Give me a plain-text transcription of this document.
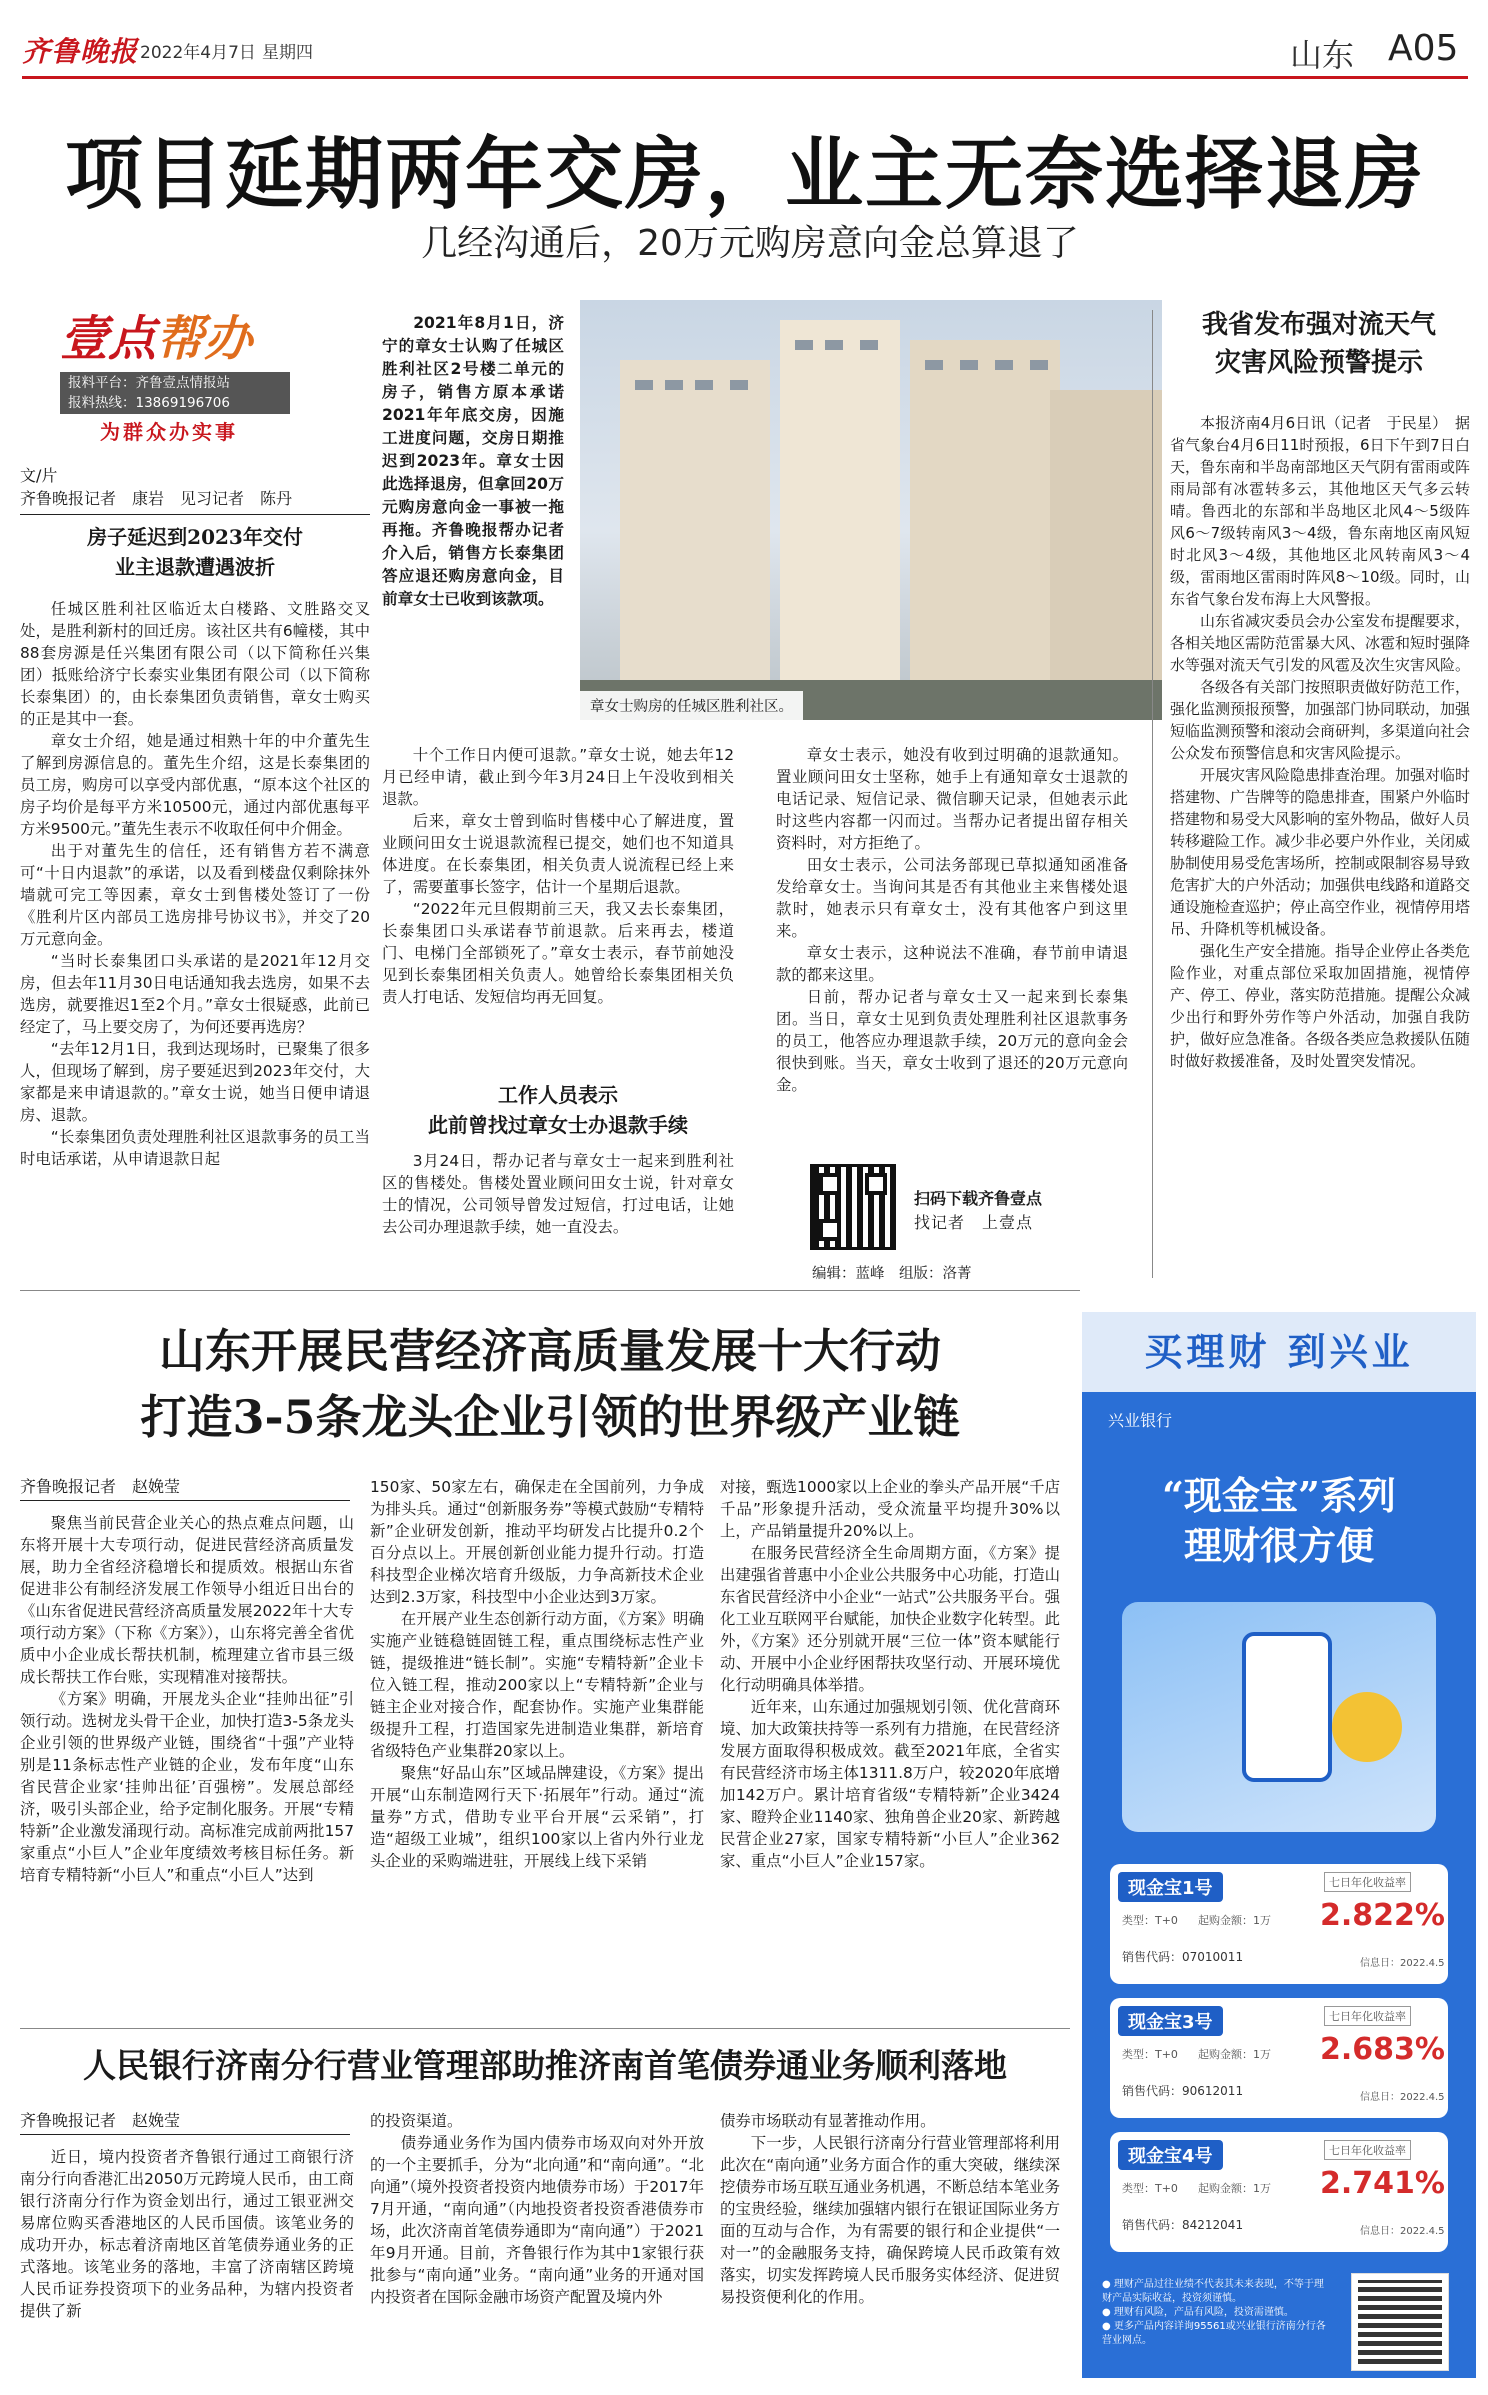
齐鲁晚报 2022年4月7日 星期四	山东 A05
项目延期两年交房，业主无奈选择退房
几经沟通后，20万元购房意向金总算退了
壹点帮办
报料平台：齐鲁壹点情报站
报料热线：13869196706
为群众办实事
文/片
齐鲁晚报记者　康岩　见习记者　陈丹
房子延迟到2023年交付
业主退款遭遇波折

任城区胜利社区临近太白楼路、文胜路交叉处，是胜利新村的回迁房。该社区共有6幢楼，其中88套房源是任兴集团有限公司（以下简称任兴集团）抵账给济宁长泰实业集团有限公司（以下简称长泰集团）的，由长泰集团负责销售，章女士购买的正是其中一套。

章女士介绍，她是通过相熟十年的中介董先生了解到房源信息的。董先生介绍，这是长泰集团的员工房，购房可以享受内部优惠，“原本这个社区的房子均价是每平方米10500元，通过内部优惠每平方米9500元。”董先生表示不收取任何中介佣金。

出于对董先生的信任，还有销售方若不满意可“十日内退款”的承诺，以及看到楼盘仅剩除抹外墙就可完工等因素，章女士到售楼处签订了一份《胜利片区内部员工选房排号协议书》，并交了20万元意向金。

“当时长泰集团口头承诺的是2021年12月交房，但去年11月30日电话通知我去选房，如果不去选房，就要推迟1至2个月。”章女士很疑惑，此前已经定了，马上要交房了，为何还要再选房？

“去年12月1日，我到达现场时，已聚集了很多人，但现场了解到，房子要延迟到2023年交付，大家都是来申请退款的。”章女士说，她当日便申请退房、退款。

“长泰集团负责处理胜利社区退款事务的员工当时电话承诺，从申请退款日起

2021年8月1日，济宁的章女士认购了任城区胜利社区2号楼二单元的房子，销售方原本承诺2021年年底交房，因施工进度问题，交房日期推迟到2023年。章女士因此选择退房，但拿回20万元购房意向金一事被一拖再拖。齐鲁晚报帮办记者介入后，销售方长泰集团答应退还购房意向金，目前章女士已收到该款项。

章女士购房的任城区胜利社区。

十个工作日内便可退款。”章女士说，她去年12月已经申请，截止到今年3月24日上午没收到相关退款。

后来，章女士曾到临时售楼中心了解进度，置业顾问田女士说退款流程已提交，她们也不知道具体进度。在长泰集团，相关负责人说流程已经上来了，需要董事长签字，估计一个星期后退款。

“2022年元旦假期前三天，我又去长泰集团，长泰集团口头承诺春节前退款。后来再去，楼道门、电梯门全部锁死了。”章女士表示，春节前她没见到长泰集团相关负责人。她曾给长泰集团相关负责人打电话、发短信均再无回复。

工作人员表示
此前曾找过章女士办退款手续

3月24日，帮办记者与章女士一起来到胜利社区的售楼处。售楼处置业顾问田女士说，针对章女士的情况，公司领导曾发过短信，打过电话，让她去公司办理退款手续，她一直没去。

章女士表示，她没有收到过明确的退款通知。置业顾问田女士坚称，她手上有通知章女士退款的电话记录、短信记录、微信聊天记录，但她表示此时这些内容都一闪而过。当帮办记者提出留存相关资料时，对方拒绝了。

田女士表示，公司法务部现已草拟通知函准备发给章女士。当询问其是否有其他业主来售楼处退款时，她表示只有章女士，没有其他客户到这里来。

章女士表示，这种说法不准确，春节前申请退款的都来这里。

日前，帮办记者与章女士又一起来到长泰集团。当日，章女士见到负责处理胜利社区退款事务的员工，他答应办理退款手续，20万元的意向金会很快到账。当天，章女士收到了退还的20万元意向金。

扫码下载齐鲁壹点
找记者　上壹点
编辑：蓝峰　组版：洛菁
我省发布强对流天气
灾害风险预警提示

本报济南4月6日讯（记者　于民星）　据省气象台4月6日11时预报，6日下午到7日白天，鲁东南和半岛南部地区天气阴有雷雨或阵雨局部有冰雹转多云，其他地区天气多云转晴。鲁西北的东部和半岛地区北风4～5级阵风6～7级转南风3～4级，鲁东南地区南风短时北风3～4级，其他地区北风转南风3～4级，雷雨地区雷雨时阵风8～10级。同时，山东省气象台发布海上大风警报。

山东省减灾委员会办公室发布提醒要求，各相关地区需防范雷暴大风、冰雹和短时强降水等强对流天气引发的风雹及次生灾害风险。

各级各有关部门按照职责做好防范工作，强化监测预报预警，加强部门协同联动，加强短临监测预警和滚动会商研判，多渠道向社会公众发布预警信息和灾害风险提示。

开展灾害风险隐患排查治理。加强对临时搭建物、广告牌等的隐患排查，围紧户外临时搭建物和易受大风影响的室外物品，做好人员转移避险工作。减少非必要户外作业，关闭威胁制使用易受危害场所，控制或限制容易导致危害扩大的户外活动；加强供电线路和道路交通设施检查巡护；停止高空作业，视情停用塔吊、升降机等机械设备。

强化生产安全措施。指导企业停止各类危险作业，对重点部位采取加固措施，视情停产、停工、停业，落实防范措施。提醒公众减少出行和野外劳作等户外活动，加强自我防护，做好应急准备。各级各类应急救援队伍随时做好救援准备，及时处置突发情况。

山东开展民营经济高质量发展十大行动
打造3-5条龙头企业引领的世界级产业链
齐鲁晚报记者　赵娩莹

聚焦当前民营企业关心的热点难点问题，山东将开展十大专项行动，促进民营经济高质量发展，助力全省经济稳增长和提质效。根据山东省促进非公有制经济发展工作领导小组近日出台的《山东省促进民营经济高质量发展2022年十大专项行动方案》（下称《方案》），山东将完善全省优质中小企业成长帮扶机制，梳理建立省市县三级成长帮扶工作台账，实现精准对接帮扶。

《方案》明确，开展龙头企业“挂帅出征”引领行动。选树龙头骨干企业，加快打造3-5条龙头企业引领的世界级产业链，围绕省“十强”产业特别是11条标志性产业链的企业，发布年度“山东省民营企业家‘挂帅出征’百强榜”。发展总部经济，吸引头部企业，给予定制化服务。开展“专精特新”企业激发涌现行动。高标准完成前两批157家重点“小巨人”企业年度绩效考核目标任务。新培育专精特新“小巨人”和重点“小巨人”达到

150家、50家左右，确保走在全国前列，力争成为排头兵。通过“创新服务券”等模式鼓励“专精特新”企业研发创新，推动平均研发占比提升0.2个百分点以上。开展创新创业能力提升行动。打造科技型企业梯次培育升级版，力争高新技术企业达到2.3万家，科技型中小企业达到3万家。

在开展产业生态创新行动方面，《方案》明确实施产业链稳链固链工程，重点围绕标志性产业链，提级推进“链长制”。实施“专精特新”企业卡位入链工程，推动200家以上“专精特新”企业与链主企业对接合作，配套协作。实施产业集群能级提升工程，打造国家先进制造业集群，新培育省级特色产业集群20家以上。

聚焦“好品山东”区域品牌建设，《方案》提出开展“山东制造网行天下·拓展年”行动。通过“流量券”方式，借助专业平台开展“云采销”，打造“超级工业城”，组织100家以上省内外行业龙头企业的采购端进驻，开展线上线下采销

对接，甄选1000家以上企业的拳头产品开展“千店千品”形象提升活动，受众流量平均提升30%以上，产品销量提升20%以上。

在服务民营经济全生命周期方面，《方案》提出建强省普惠中小企业公共服务中心功能，打造山东省民营经济中小企业“一站式”公共服务平台。强化工业互联网平台赋能，加快企业数字化转型。此外，《方案》还分别就开展“三位一体”资本赋能行动、开展中小企业纾困帮扶攻坚行动、开展环境优化行动明确具体举措。

近年来，山东通过加强规划引领、优化营商环境、加大政策扶持等一系列有力措施，在民营经济发展方面取得积极成效。截至2021年底，全省实有民营经济市场主体1311.8万户，较2020年底增加142万户。累计培育省级“专精特新”企业3424家、瞪羚企业1140家、独角兽企业20家、新跨越民营企业27家，国家专精特新“小巨人”企业362家、重点“小巨人”企业157家。

买理财 到兴业
兴业银行
“现金宝”系列
理财很方便
现金宝1号
类型：T+0 起购金额：1万
销售代码：07010011
七日年化收益率
2.822%
信息日：2022.4.5
现金宝3号
类型：T+0 起购金额：1万
销售代码：90612011
七日年化收益率
2.683%
信息日：2022.4.5
现金宝4号
类型：T+0 起购金额：1万
销售代码：84212041
七日年化收益率
2.741%
信息日：2022.4.5
● 理财产品过往业绩不代表其未来表现，不等于理财产品实际收益，投资须谨慎。
● 理财有风险，产品有风险，投资需谨慎。
● 更多产品内容详询95561或兴业银行济南分行各营业网点。
人民银行济南分行营业管理部助推济南首笔债券通业务顺利落地
齐鲁晚报记者　赵娩莹

近日，境内投资者齐鲁银行通过工商银行济南分行向香港汇出2050万元跨境人民币，由工商银行济南分行作为资金划出行，通过工银亚洲交易席位购买香港地区的人民币国债。该笔业务的成功开办，标志着济南地区首笔债券通业务的正式落地。该笔业务的落地，丰富了济南辖区跨境人民币证券投资项下的业务品种，为辖内投资者提供了新

的投资渠道。

债券通业务作为国内债券市场双向对外开放的一个主要抓手，分为“北向通”和“南向通”。“北向通”（境外投资者投资内地债券市场）于2017年7月开通，“南向通”（内地投资者投资香港债券市场，此次济南首笔债券通即为“南向通”）于2021年9月开通。目前，齐鲁银行作为其中1家银行获批参与“南向通”业务。“南向通”业务的开通对国内投资者在国际金融市场资产配置及境内外

债券市场联动有显著推动作用。

下一步，人民银行济南分行营业管理部将利用此次在“南向通”业务方面合作的重大突破，继续深挖债券市场互联互通业务机遇，不断总结本笔业务的宝贵经验，继续加强辖内银行在银证国际业务方面的互动与合作，为有需要的银行和企业提供“一对一”的金融服务支持，确保跨境人民币政策有效落实，切实发挥跨境人民币服务实体经济、促进贸易投资便利化的作用。
